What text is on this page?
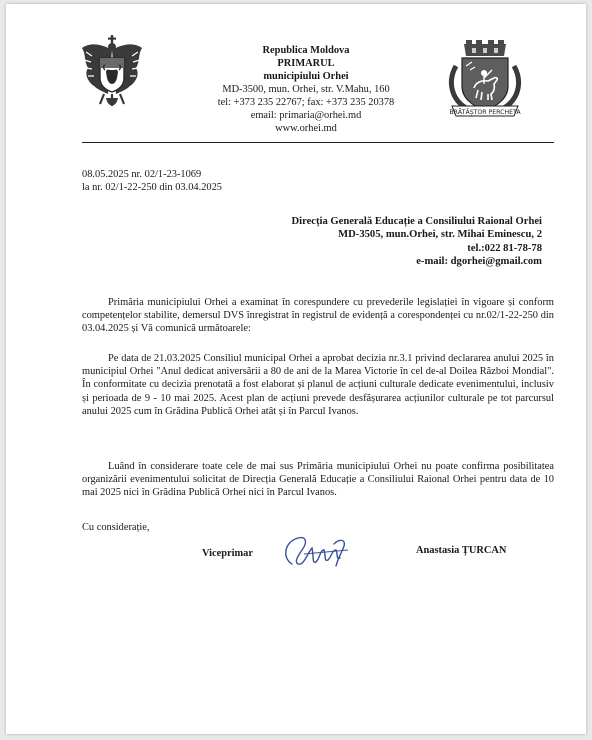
Republica Moldova
PRIMARUL
municipiului Orhei
MD-3500, mun. Orhei, str. V.Mahu, 160
tel: +373 235 22767; fax: +373 235 20378
email: primaria@orhei.md
www.orhei.md
BRĂTĂȘTOR PERCHETA
08.05.2025 nr. 02/1-23-1069
la nr. 02/1-22-250 din 03.04.2025
Direcția Generală Educație a Consiliului Raional Orhei
MD-3505, mun.Orhei, str. Mihai Eminescu, 2
tel.:022 81-78-78
e-mail: dgorhei@gmail.com

Primăria municipiului Orhei a examinat în corespundere cu prevederile legislației în vigoare și conform competențelor stabilite, demersul DVS înregistrat în registrul de evidență a corespondenței cu nr.02/1-22-250 din 03.04.2025 și Vă comunică următoarele:

Pe data de 21.03.2025 Consiliul municipal Orhei a aprobat decizia nr.3.1 privind declararea anului 2025 în municipiul Orhei "Anul dedicat aniversării a 80 de ani de la Marea Victorie în cel de-al Doilea Război Mondial". În conformitate cu decizia prenotată a fost elaborat și planul de acțiuni culturale dedicate evenimentului, inclusiv și perioada de 9 - 10 mai 2025. Acest plan de acțiuni prevede desfășurarea acțiunilor culturale pe tot parcursul anului 2025 cum în Grădina Publică Orhei atât și în Parcul Ivanos.

Luând în considerare toate cele de mai sus Primăria municipiului Orhei nu poate confirma posibilitatea organizării evenimentului solicitat de Direcția Generală Educație a Consiliului Raional Orhei pentru data de 10 mai 2025 nici în Grădina Publică Orhei nici în Parcul Ivanos.

Cu considerație,
Viceprimar	Anastasia ȚURCAN
